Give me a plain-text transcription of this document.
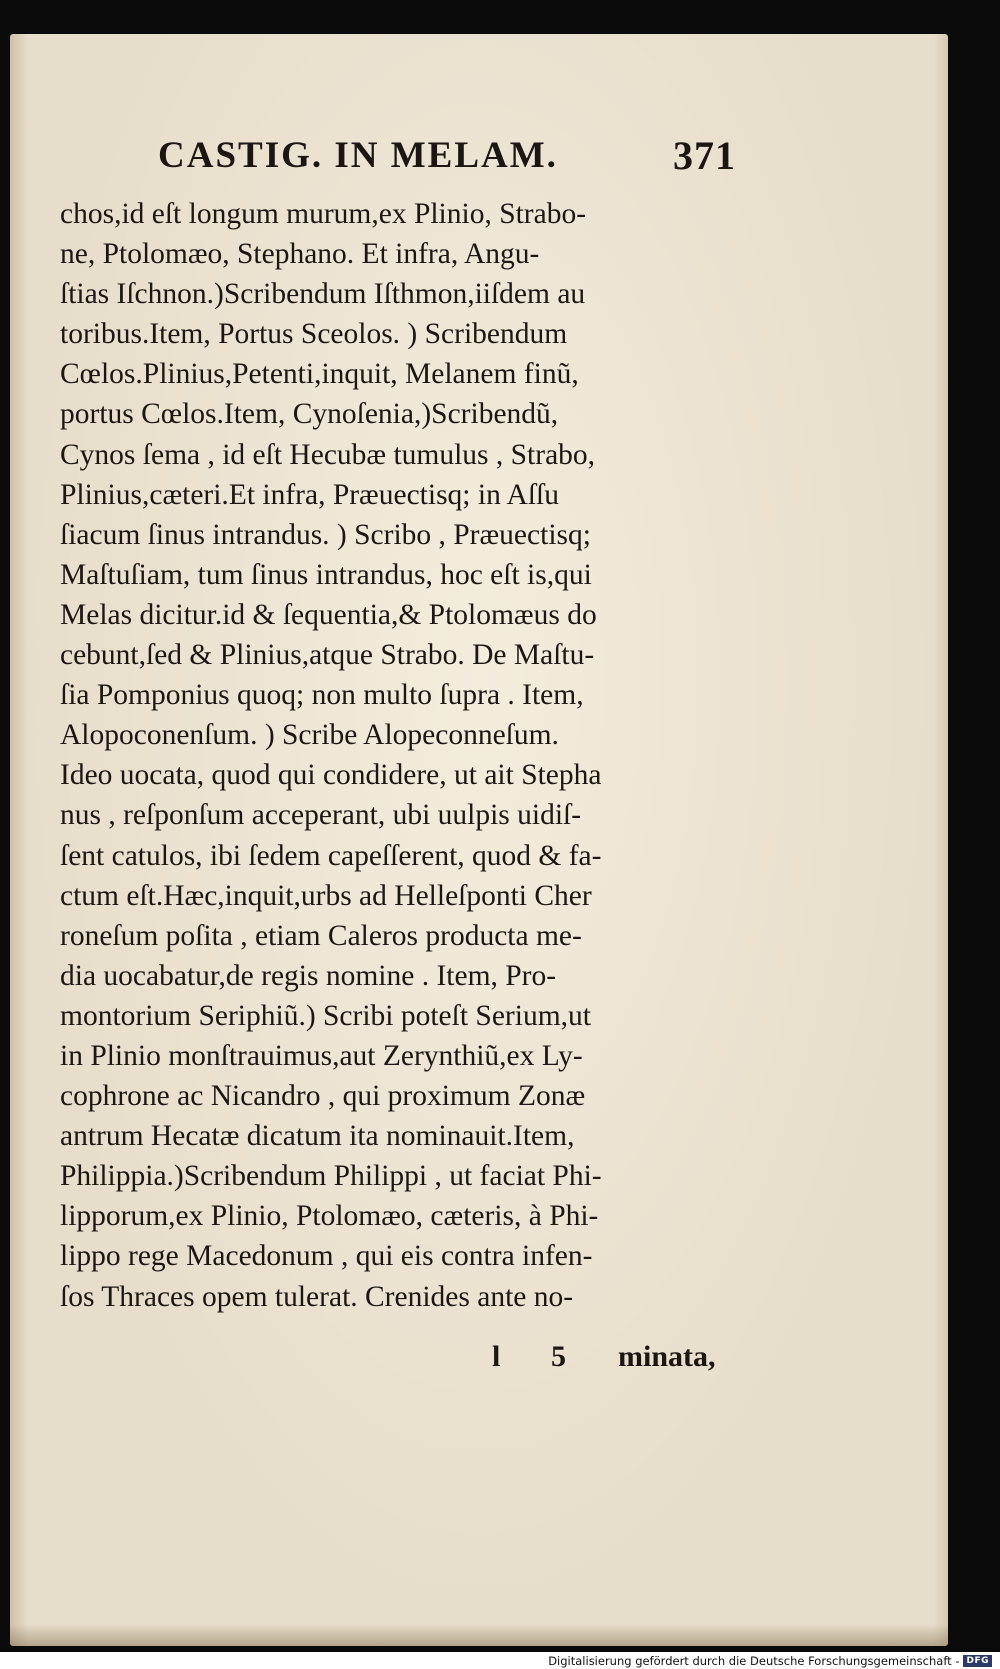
CASTIG. IN MELAM.	371
chos,id eſt longum murum,ex Plinio, Strabo-
ne, Ptolomæo, Stephano. Et infra, Angu-
ſtias Iſchnon.)Scribendum Iſthmon,iiſdem au
toribus.Item, Portus Sceolos. ) Scribendum
Cœlos.Plinius,Petenti,inquit, Melanem finũ,
portus Cœlos.Item, Cynoſenia,)Scribendũ,
Cynos ſema , id eſt Hecubæ tumulus , Strabo,
Plinius,cæteri.Et infra, Præuectisq; in Aſſu
ſiacum ſinus intrandus. ) Scribo , Præuectisq;
Maſtuſiam, tum ſinus intrandus, hoc eſt is,qui
Melas dicitur.id & ſequentia,& Ptolomæus do
cebunt,ſed & Plinius,atque Strabo. De Maſtu-
ſia Pomponius quoq; non multo ſupra . Item,
Alopoconenſum. ) Scribe Alopeconneſum.
Ideo uocata, quod qui condidere, ut ait Stepha
nus , reſponſum acceperant, ubi uulpis uidiſ-
ſent catulos, ibi ſedem capeſſerent, quod & fa-
ctum eſt.Hæc,inquit,urbs ad Helleſponti Cher
roneſum poſita , etiam Caleros producta me-
dia uocabatur,de regis nomine . Item, Pro-
montorium Seriphiũ.) Scribi poteſt Serium,ut
in Plinio monſtrauimus,aut Zerynthiũ,ex Ly-
cophrone ac Nicandro , qui proximum Zonæ
antrum Hecatæ dicatum ita nominauit.Item,
Philippia.)Scribendum Philippi , ut faciat Phi-
lipporum,ex Plinio, Ptolomæo, cæteris, à Phi-
lippo rege Macedonum , qui eis contra infen-
ſos Thraces opem tulerat. Crenides ante no-
l 5 minata,
Digitalisierung gefördert durch die Deutsche Forschungsgemeinschaft - DFG
